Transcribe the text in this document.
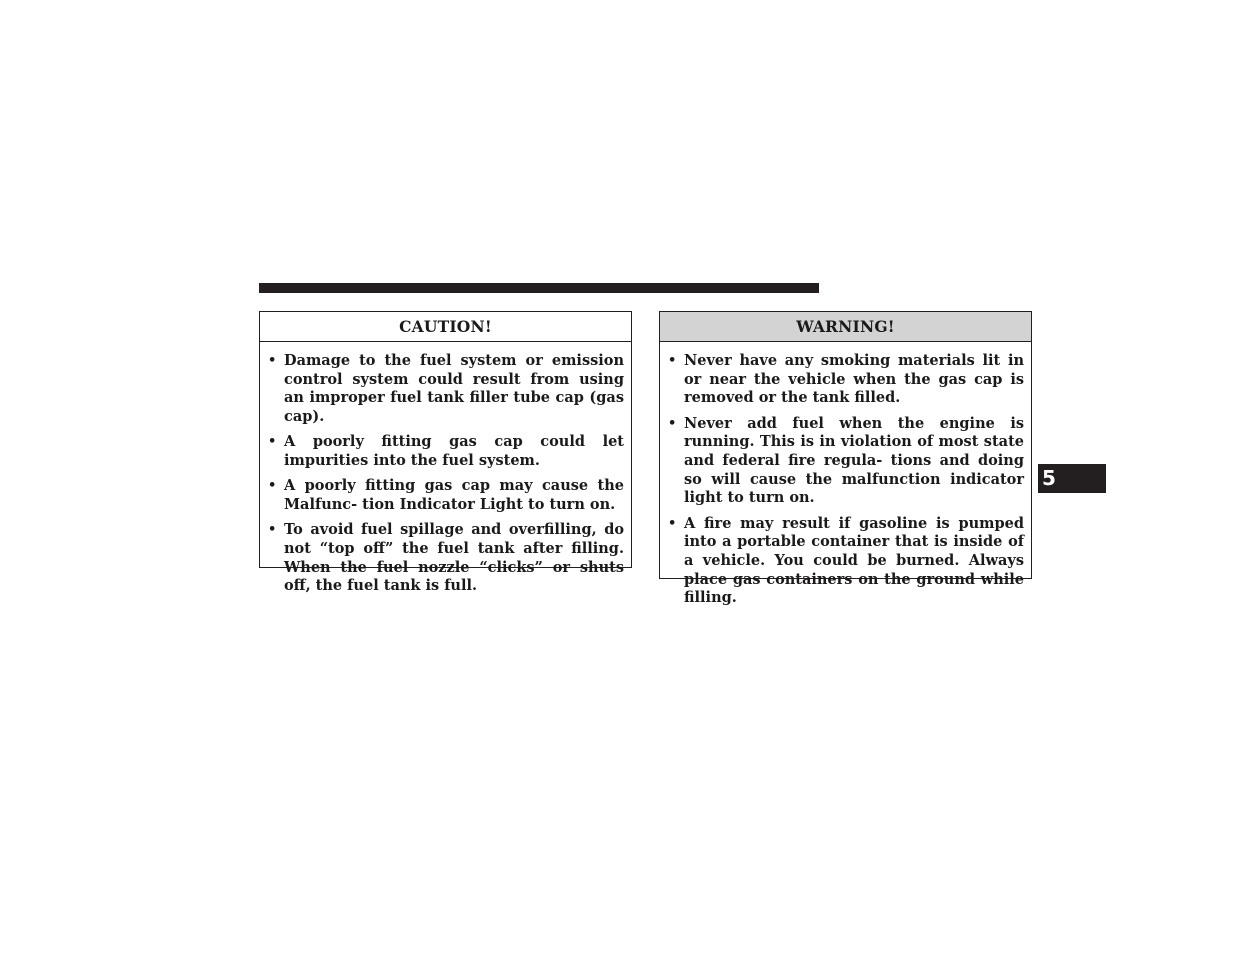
CAUTION!
• Damage to the fuel system or emission control system could result from using an improper fuel tank filler tube cap (gas cap).
• A poorly fitting gas cap could let impurities into the fuel system.
• A poorly fitting gas cap may cause the Malfunc- tion Indicator Light to turn on.
• To avoid fuel spillage and overfilling, do not “top off” the fuel tank after filling. When the fuel nozzle “clicks” or shuts off, the fuel tank is full.
WARNING!
• Never have any smoking materials lit in or near the vehicle when the gas cap is removed or the tank filled.
• Never add fuel when the engine is running. This is in violation of most state and federal fire regula- tions and doing so will cause the malfunction indicator light to turn on.
• A fire may result if gasoline is pumped into a portable container that is inside of a vehicle. You could be burned. Always place gas containers on the ground while filling.
5
